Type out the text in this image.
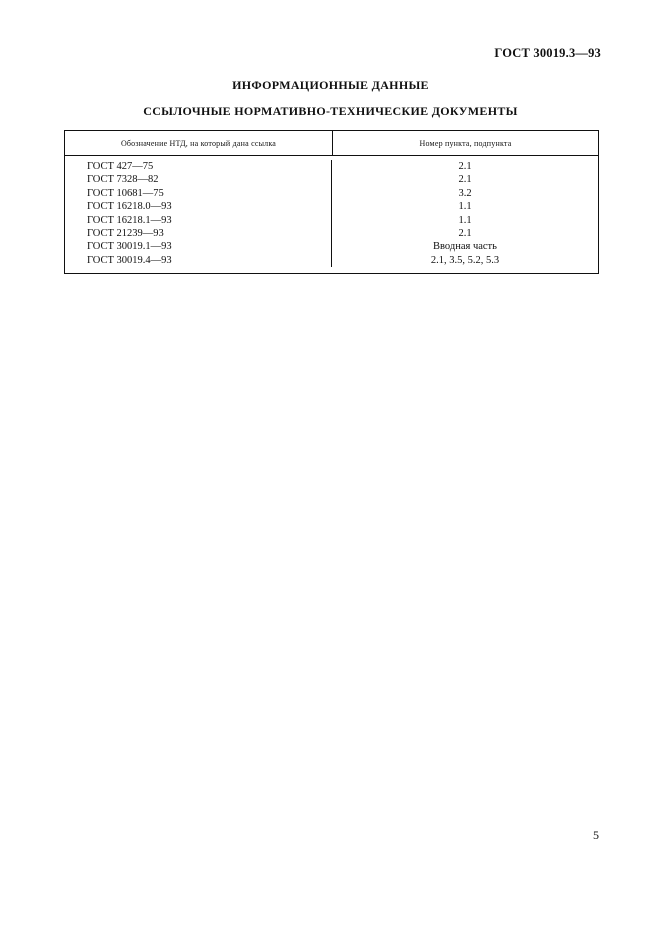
ГОСТ 30019.3—93
ИНФОРМАЦИОННЫЕ ДАННЫЕ
ССЫЛОЧНЫЕ НОРМАТИВНО-ТЕХНИЧЕСКИЕ ДОКУМЕНТЫ
Обозначение НТД, на который дана ссылка	Номер пункта, подпункта
ГОСТ 427—75
ГОСТ 7328—82
ГОСТ 10681—75
ГОСТ 16218.0—93
ГОСТ 16218.1—93
ГОСТ 21239—93
ГОСТ 30019.1—93
ГОСТ 30019.4—93
2.1
2.1
3.2
1.1
1.1
2.1
Вводная часть
2.1, 3.5, 5.2, 5.3
5
